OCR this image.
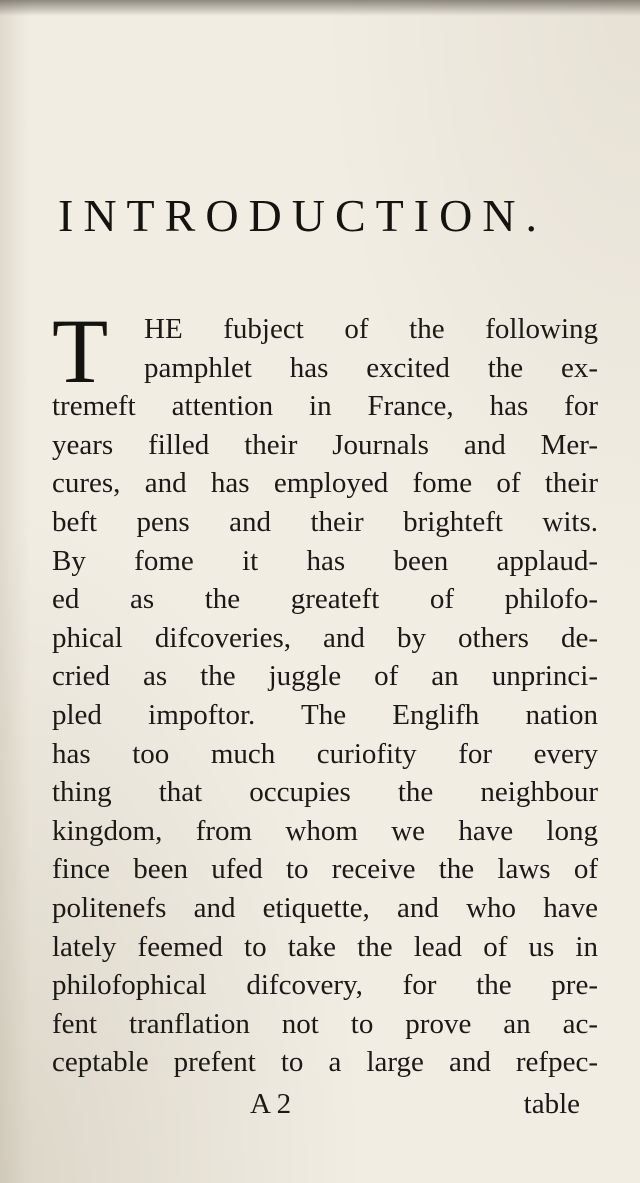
INTRODUCTION.
T	HE fubject of the following
pamphlet has excited the ex-
tremeft attention in France, has for
years filled their Journals and Mer-
cures, and has employed fome of their
beft pens and their brighteft wits.
By fome it has been applaud-
ed as the greateft of philofo-
phical difcoveries, and by others de-
cried as the juggle of an unprinci-
pled impoftor. The Englifh nation
has too much curiofity for every
thing that occupies the neighbour
kingdom, from whom we have long
fince been ufed to receive the laws of
politenefs and etiquette, and who have
lately feemed to take the lead of us in
philofophical difcovery, for the pre-
fent tranflation not to prove an ac-
ceptable prefent to a large and refpec-
A 2	table
